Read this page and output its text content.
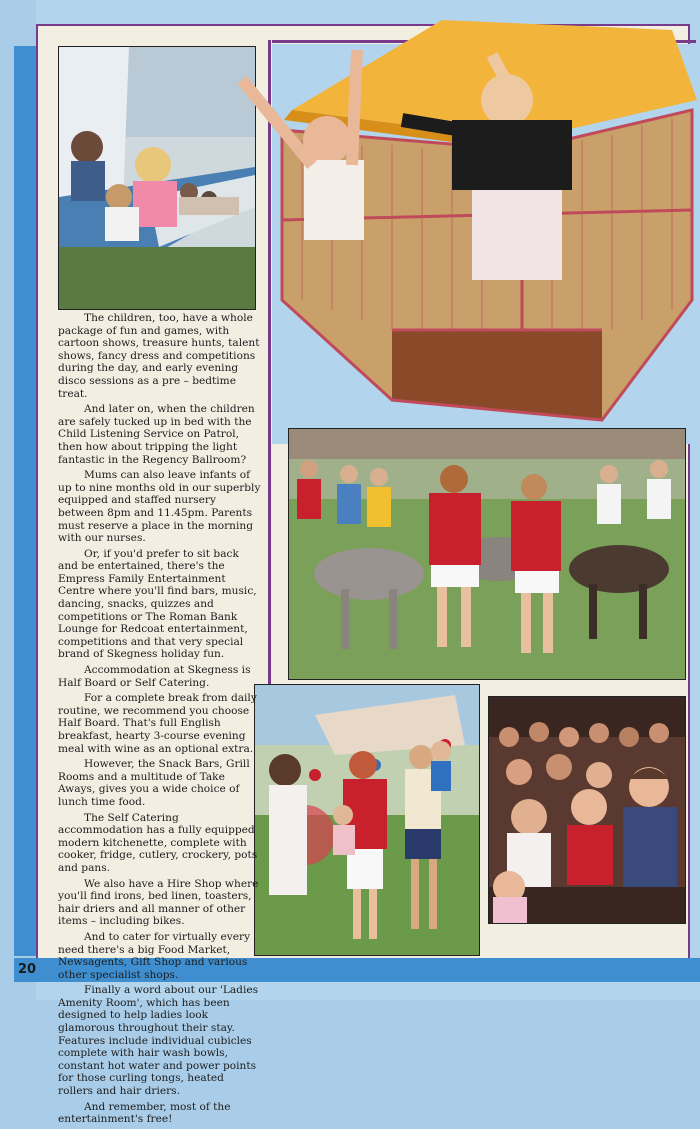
20

The children, too, have a whole package of fun and games, with cartoon shows, treasure hunts, talent shows, fancy dress and competitions during the day, and early evening disco sessions as a pre – bedtime treat.

And later on, when the children are safely tucked up in bed with the Child Listening Service on Patrol, then how about tripping the light fantastic in the Regency Ballroom?

Mums can also leave infants of up to nine months old in our superbly equipped and staffed nursery between 8pm and 11.45pm. Parents must reserve a place in the morning with our nurses.

Or, if you'd prefer to sit back and be entertained, there's the Empress Family Entertainment Centre where you'll find bars, music, dancing, snacks, quizzes and competitions or The Roman Bank Lounge for Redcoat entertainment, competitions and that very special brand of Skegness holiday fun.

Accommodation at Skegness is Half Board or Self Catering.

For a complete break from daily routine, we recommend you choose Half Board. That's full English breakfast, hearty 3-course evening meal with wine as an optional extra.

However, the Snack Bars, Grill Rooms and a multitude of Take Aways, gives you a wide choice of lunch time food.

The Self Catering accommodation has a fully equipped modern kitchenette, complete with cooker, fridge, cutlery, crockery, pots and pans.

We also have a Hire Shop where you'll find irons, bed linen, toasters, hair driers and all manner of other items – including bikes.

And to cater for virtually every need there's a big Food Market, Newsagents, Gift Shop and various other specialist shops.

Finally a word about our 'Ladies Amenity Room', which has been designed to help ladies look glamorous throughout their stay. Features include individual cubicles complete with hair wash bowls, constant hot water and power points for those curling tongs, heated rollers and hair driers.

And remember, most of the entertainment's free!
